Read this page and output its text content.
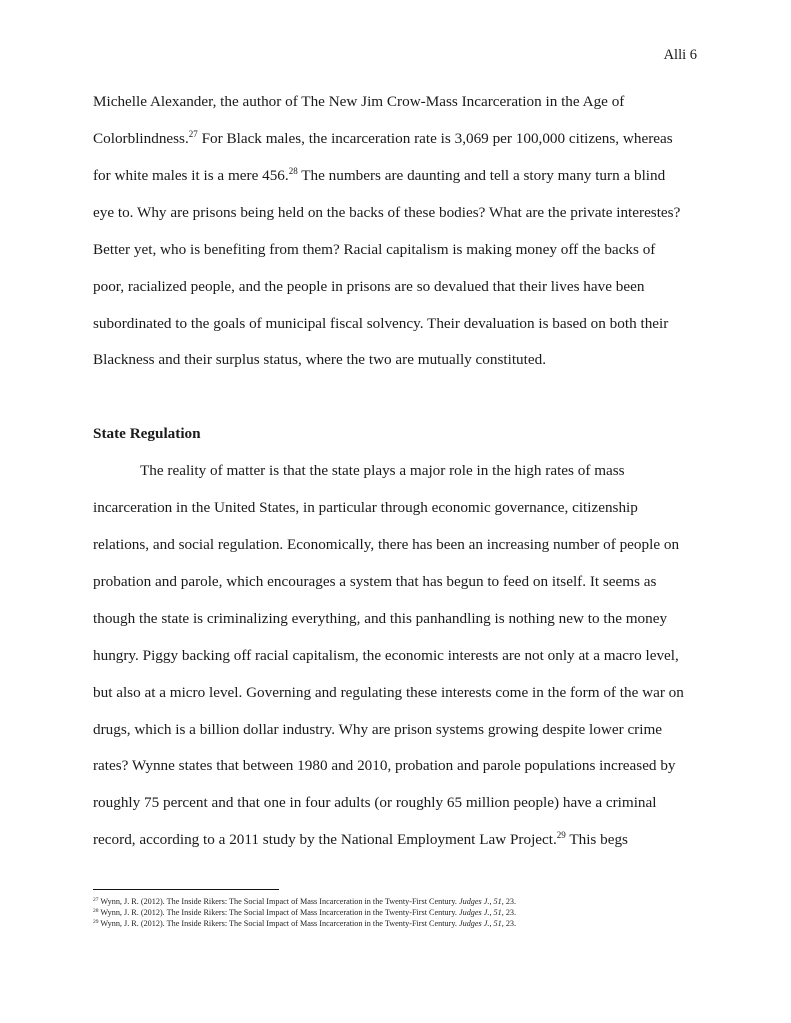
Alli 6
Michelle Alexander, the author of The New Jim Crow-Mass Incarceration in the Age of
Colorblindness.$^{27}$ For Black males, the incarceration rate is 3,069 per 100,000 citizens, whereas
for white males it is a mere 456.28 The numbers are daunting and tell a story many turn a blind
eye to. Why are prisons being held on the backs of these bodies? What are the private interestes?
Better yet, who is benefiting from them? Racial capitalism is making money off the backs of
poor, racialized people, and the people in prisons are so devalued that their lives have been
subordinated to the goals of municipal fiscal solvency. Their devaluation is based on both their
Blackness and their surplus status, where the two are mutually constituted.
State Regulation
The reality of matter is that the state plays a major role in the high rates of mass
incarceration in the United States, in particular through economic governance, citizenship
relations, and social regulation. Economically, there has been an increasing number of people on
probation and parole, which encourages a system that has begun to feed on itself. It seems as
though the state is criminalizing everything, and this panhandling is nothing new to the money
hungry. Piggy backing off racial capitalism, the economic interests are not only at a macro level,
but also at a micro level. Governing and regulating these interests come in the form of the war on
drugs, which is a billion dollar industry. Why are prison systems growing despite lower crime
rates? Wynne states that between 1980 and 2010, probation and parole populations increased by
roughly 75 percent and that one in four adults (or roughly 65 million people) have a criminal
record, according to a 2011 study by the National Employment Law Project.$^{29}$ This begs
$^{27}$ Wynn, J. R. (2012). The Inside Rikers: The Social Impact of Mass Incarceration in the Twenty-First Century. Judges J., 51, 23.
$^{28}$ Wynn, J. R. (2012). The Inside Rikers: The Social Impact of Mass Incarceration in the Twenty-First Century. Judges J., 51, 23.
$^{29}$ Wynn, J. R. (2012). The Inside Rikers: The Social Impact of Mass Incarceration in the Twenty-First Century. Judges J., 51, 23.
